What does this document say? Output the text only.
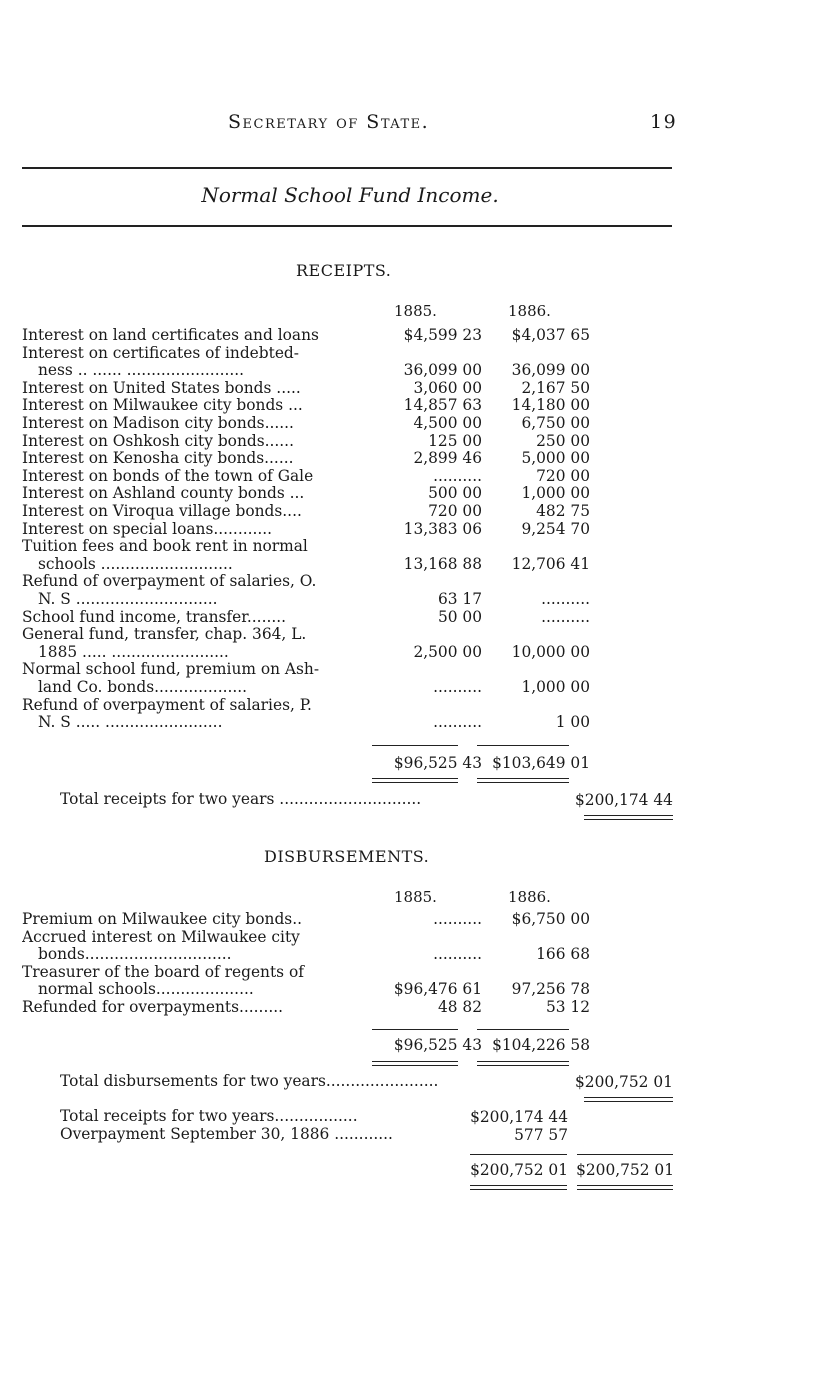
Secretary of State.	19
Normal School Fund Income.
RECEIPTS.
1885.	1886.
Interest on land certificates and loans	$4,599 23	$4,037 65
Interest on certificates of indebted-
ness .. ...... ........................	36,099 00	36,099 00
Interest on United States bonds .....	3,060 00	2,167 50
Interest on Milwaukee city bonds ...	14,857 63	14,180 00
Interest on Madison city bonds......	4,500 00	6,750 00
Interest on Oshkosh city bonds......	125 00	250 00
Interest on Kenosha city bonds......	2,899 46	5,000 00
Interest on bonds of the town of Gale	..........	720 00
Interest on Ashland county bonds ...	500 00	1,000 00
Interest on Viroqua village bonds....	720 00	482 75
Interest on special loans............	13,383 06	9,254 70
Tuition fees and book rent in normal
schools ...........................	13,168 88	12,706 41
Refund of overpayment of salaries, O.
N. S .............................	63 17	..........
School fund income, transfer........	50 00	..........
General fund, transfer, chap. 364, L.
1885 ..... ........................	2,500 00	10,000 00
Normal school fund, premium on Ash-
land Co. bonds...................	..........	1,000 00
Refund of overpayment of salaries, P.
N. S ..... ........................	..........	1 00
$96,525 43 $103,649 01
Total receipts for two years .............................	$200,174 44
DISBURSEMENTS.
1885.	1886.
Premium on Milwaukee city bonds..	..........	$6,750 00
Accrued interest on Milwaukee city
bonds..............................	..........	166 68
Treasurer of the board of regents of
normal schools....................	$96,476 61	97,256 78
Refunded for overpayments.........	48 82	53 12
$96,525 43 $104,226 58
Total disbursements for two years.......................	$200,752 01
Total receipts for two years.................	$200,174 44
Overpayment September 30, 1886 ............	577 57
$200,752 01 $200,752 01
